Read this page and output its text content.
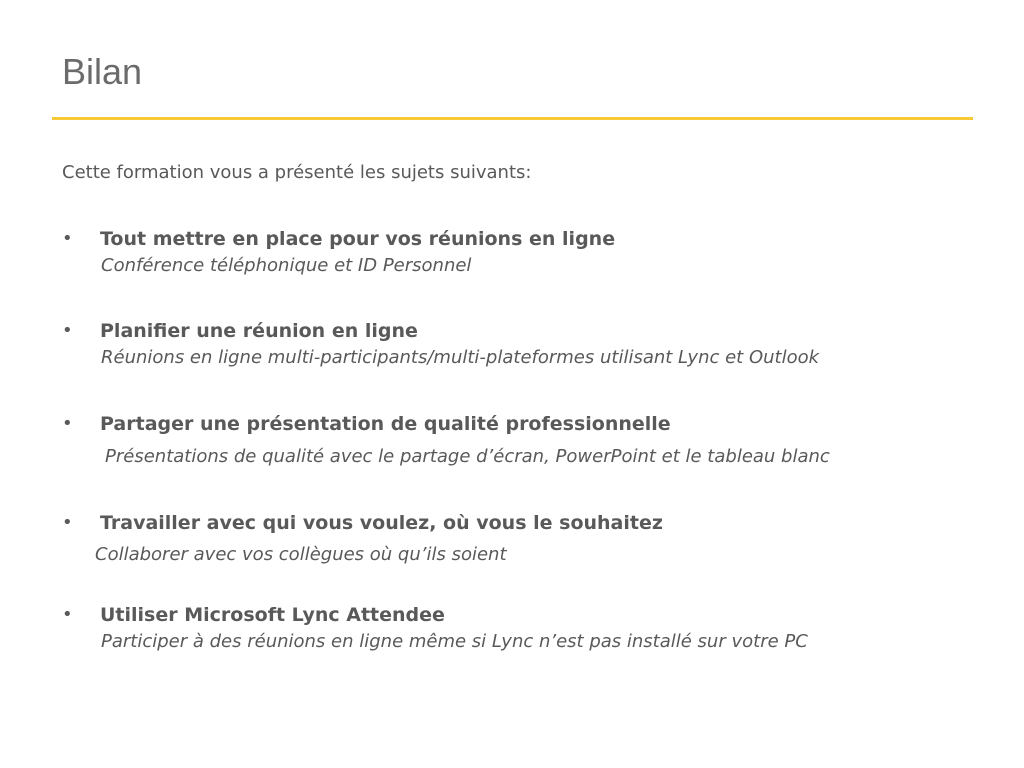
Bilan
Cette formation vous a présenté les sujets suivants:
• Tout mettre en place pour vos réunions en ligne
Conférence téléphonique et ID Personnel
• Planifier une réunion en ligne
Réunions en ligne multi-participants/multi-plateformes utilisant Lync et Outlook
• Partager une présentation de qualité professionnelle
Présentations de qualité avec le partage d’écran, PowerPoint et le tableau blanc
• Travailler avec qui vous voulez, où vous le souhaitez
Collaborer avec vos collègues où qu’ils soient
• Utiliser Microsoft Lync Attendee
Participer à des réunions en ligne même si Lync n’est pas installé sur votre PC
